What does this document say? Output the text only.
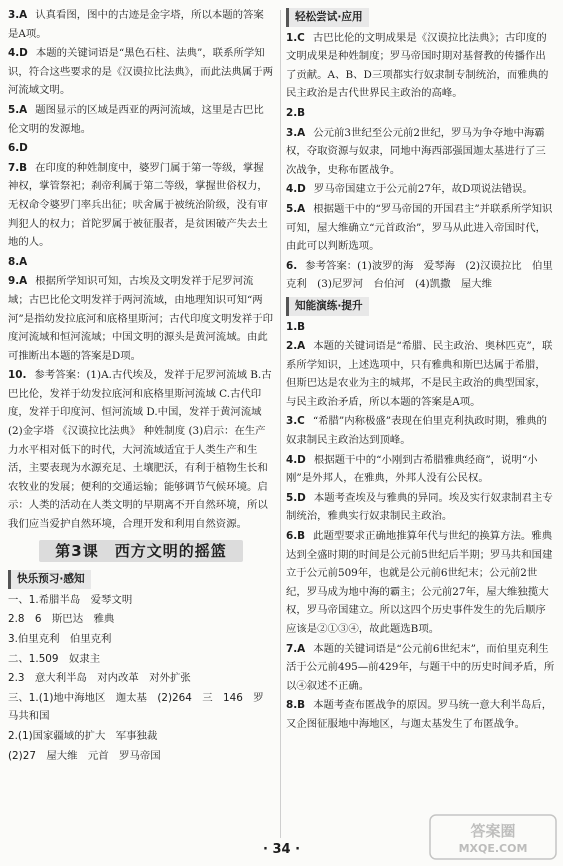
3.A 认真看图，图中的古迹是金字塔，所以本题的答案是A项。
4.D 本题的关键词语是“黑色石柱、法典”，联系所学知识，符合这些要求的是《汉谟拉比法典》，而此法典属于两河流域文明。
5.A 题图显示的区域是西亚的两河流域，这里是古巴比伦文明的发源地。
6.D
7.B 在印度的种姓制度中，婆罗门属于第一等级，掌握神权，掌管祭祀；刹帝利属于第二等级，掌握世俗权力，无权命令婆罗门率兵出征；吠舍属于被统治阶级，没有审判犯人的权力；首陀罗属于被征服者，是贫困破产失去土地的人。
8.A
9.A 根据所学知识可知，古埃及文明发祥于尼罗河流域；古巴比伦文明发祥于两河流域，由地理知识可知“两河”是指幼发拉底河和底格里斯河；古代印度文明发祥于印度河流域和恒河流域；中国文明的源头是黄河流域。由此可推断出本题的答案是D项。
10. 参考答案：(1)A.古代埃及，发祥于尼罗河流域 B.古巴比伦，发祥于幼发拉底河和底格里斯河流域 C.古代印度，发祥于印度河、恒河流域 D.中国，发祥于黄河流域 (2)金字塔 《汉谟拉比法典》 种姓制度 (3)启示：在生产力水平相对低下的时代，大河流域适宜于人类生产和生活，主要表现为水源充足、土壤肥沃，有利于植物生长和农牧业的发展；便利的交通运输；能够调节气候环境。启示：人类的活动在人类文明的早期离不开自然环境，所以我们应当爱护自然环境，合理开发和利用自然资源。
第3课　西方文明的摇篮
快乐预习·感知
一、1.希腊半岛　爱琴文明
2.8　6　斯巴达　雅典
3.伯里克利　伯里克利
二、1.509　奴隶主
2.3　意大利半岛　对内改革　对外扩张
三、1.(1)地中海地区　迦太基　(2)264　三　146　罗马共和国
2.(1)国家疆域的扩大　军事独裁
(2)27　屋大维　元首　罗马帝国
轻松尝试·应用
1.C 古巴比伦的文明成果是《汉谟拉比法典》；古印度的文明成果是种姓制度；罗马帝国时期对基督教的传播作出了贡献。A、B、D三项都实行奴隶制专制统治，而雅典的民主政治是古代世界民主政治的高峰。
2.B
3.A 公元前3世纪至公元前2世纪，罗马为争夺地中海霸权，夺取资源与奴隶，同地中海西部强国迦太基进行了三次战争，史称布匿战争。
4.D 罗马帝国建立于公元前27年，故D项说法错误。
5.A 根据题干中的“罗马帝国的开国君主”并联系所学知识可知，屋大维确立“元首政治”，罗马从此进入帝国时代，由此可以判断选项。
6. 参考答案：(1)波罗的海　爱琴海　(2)汉谟拉比　伯里克利　(3)尼罗河　台伯河　(4)凯撒　屋大维
知能演练·提升
1.B
2.A 本题的关键词语是“希腊、民主政治、奥林匹克”，联系所学知识，上述选项中，只有雅典和斯巴达属于希腊，但斯巴达是农业为主的城邦，不是民主政治的典型国家，与民主政治矛盾，所以本题的答案是A项。
3.C “希腊”内称极盛”表现在伯里克利执政时期，雅典的奴隶制民主政治达到顶峰。
4.D 根据题干中的“小刚到古希腊雅典经商”，说明“小刚”是外邦人，在雅典，外邦人没有公民权。
5.D 本题考查埃及与雅典的异同。埃及实行奴隶制君主专制统治，雅典实行奴隶制民主政治。
6.B 此题型要求正确地推算年代与世纪的换算方法。雅典达到全盛时期的时间是公元前5世纪后半期；罗马共和国建立于公元前509年，也就是公元前6世纪末；公元前2世纪，罗马成为地中海的霸主；公元前27年，屋大维独揽大权，罗马帝国建立。所以这四个历史事件发生的先后顺序应该是②①③④，故此题选B项。
7.A 本题的关键词语是“公元前6世纪末”，而伯里克利生活于公元前495—前429年，与题干中的历史时间矛盾，所以④叙述不正确。
8.B 本题考查布匿战争的原因。罗马统一意大利半岛后，又企图征服地中海地区，与迦太基发生了布匿战争。
· 34 ·
答案圈
MXQE.COM
